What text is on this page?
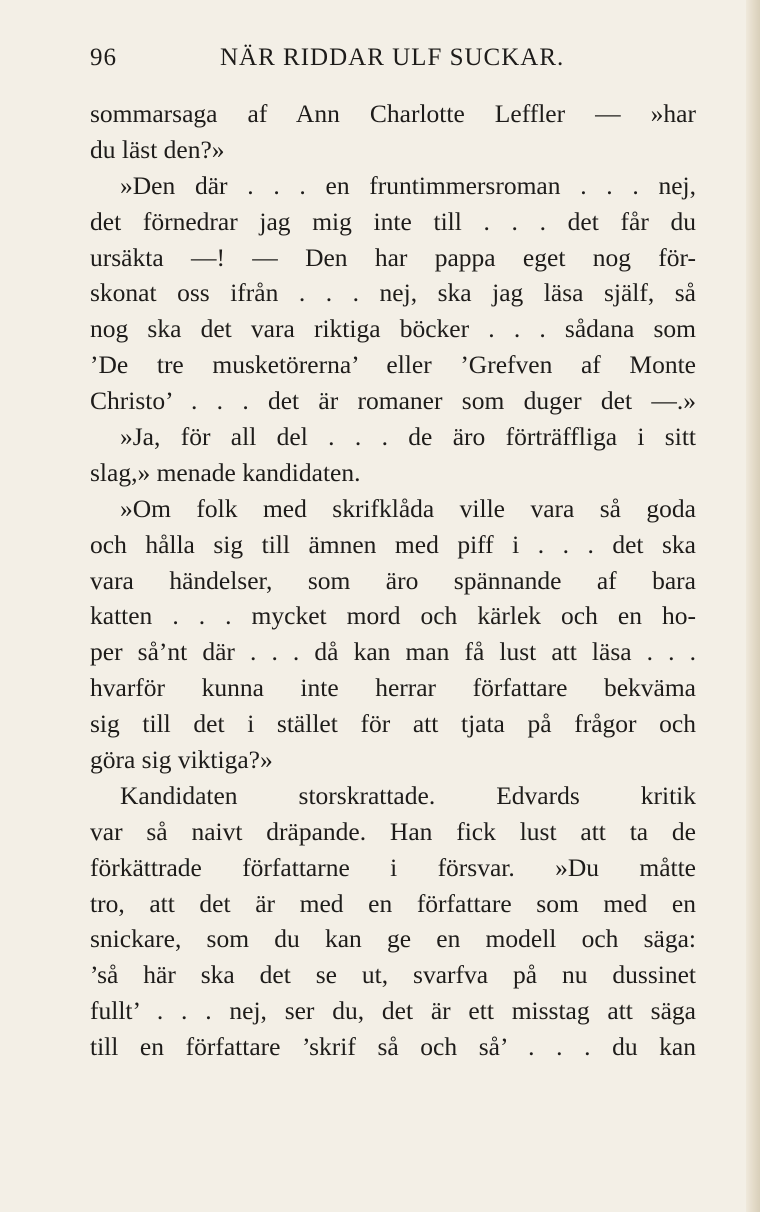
96	NÄR RIDDAR ULF SUCKAR.
sommarsaga af Ann Charlotte Leffler — »har
du läst den?»
»Den där . . . en fruntimmersroman . . . nej,
det förnedrar jag mig inte till . . . det får du
ursäkta —! — Den har pappa eget nog för-
skonat oss ifrån . . . nej, ska jag läsa själf, så
nog ska det vara riktiga böcker . . . sådana som
’De tre musketörerna’ eller ’Grefven af Monte
Christo’ . . . det är romaner som duger det —.»
»Ja, för all del . . . de äro förträffliga i sitt
slag,» menade kandidaten.
»Om folk med skrifklåda ville vara så goda
och hålla sig till ämnen med piff i . . . det ska
vara händelser, som äro spännande af bara
katten . . . mycket mord och kärlek och en ho-
per så’nt där . . . då kan man få lust att läsa . . .
hvarför kunna inte herrar författare bekväma
sig till det i stället för att tjata på frågor och
göra sig viktiga?»
Kandidaten storskrattade. Edvards kritik
var så naivt dräpande. Han fick lust att ta de
förkättrade författarne i försvar. »Du måtte
tro, att det är med en författare som med en
snickare, som du kan ge en modell och säga:
’så här ska det se ut, svarfva på nu dussinet
fullt’ . . . nej, ser du, det är ett misstag att säga
till en författare ’skrif så och så’ . . . du kan
